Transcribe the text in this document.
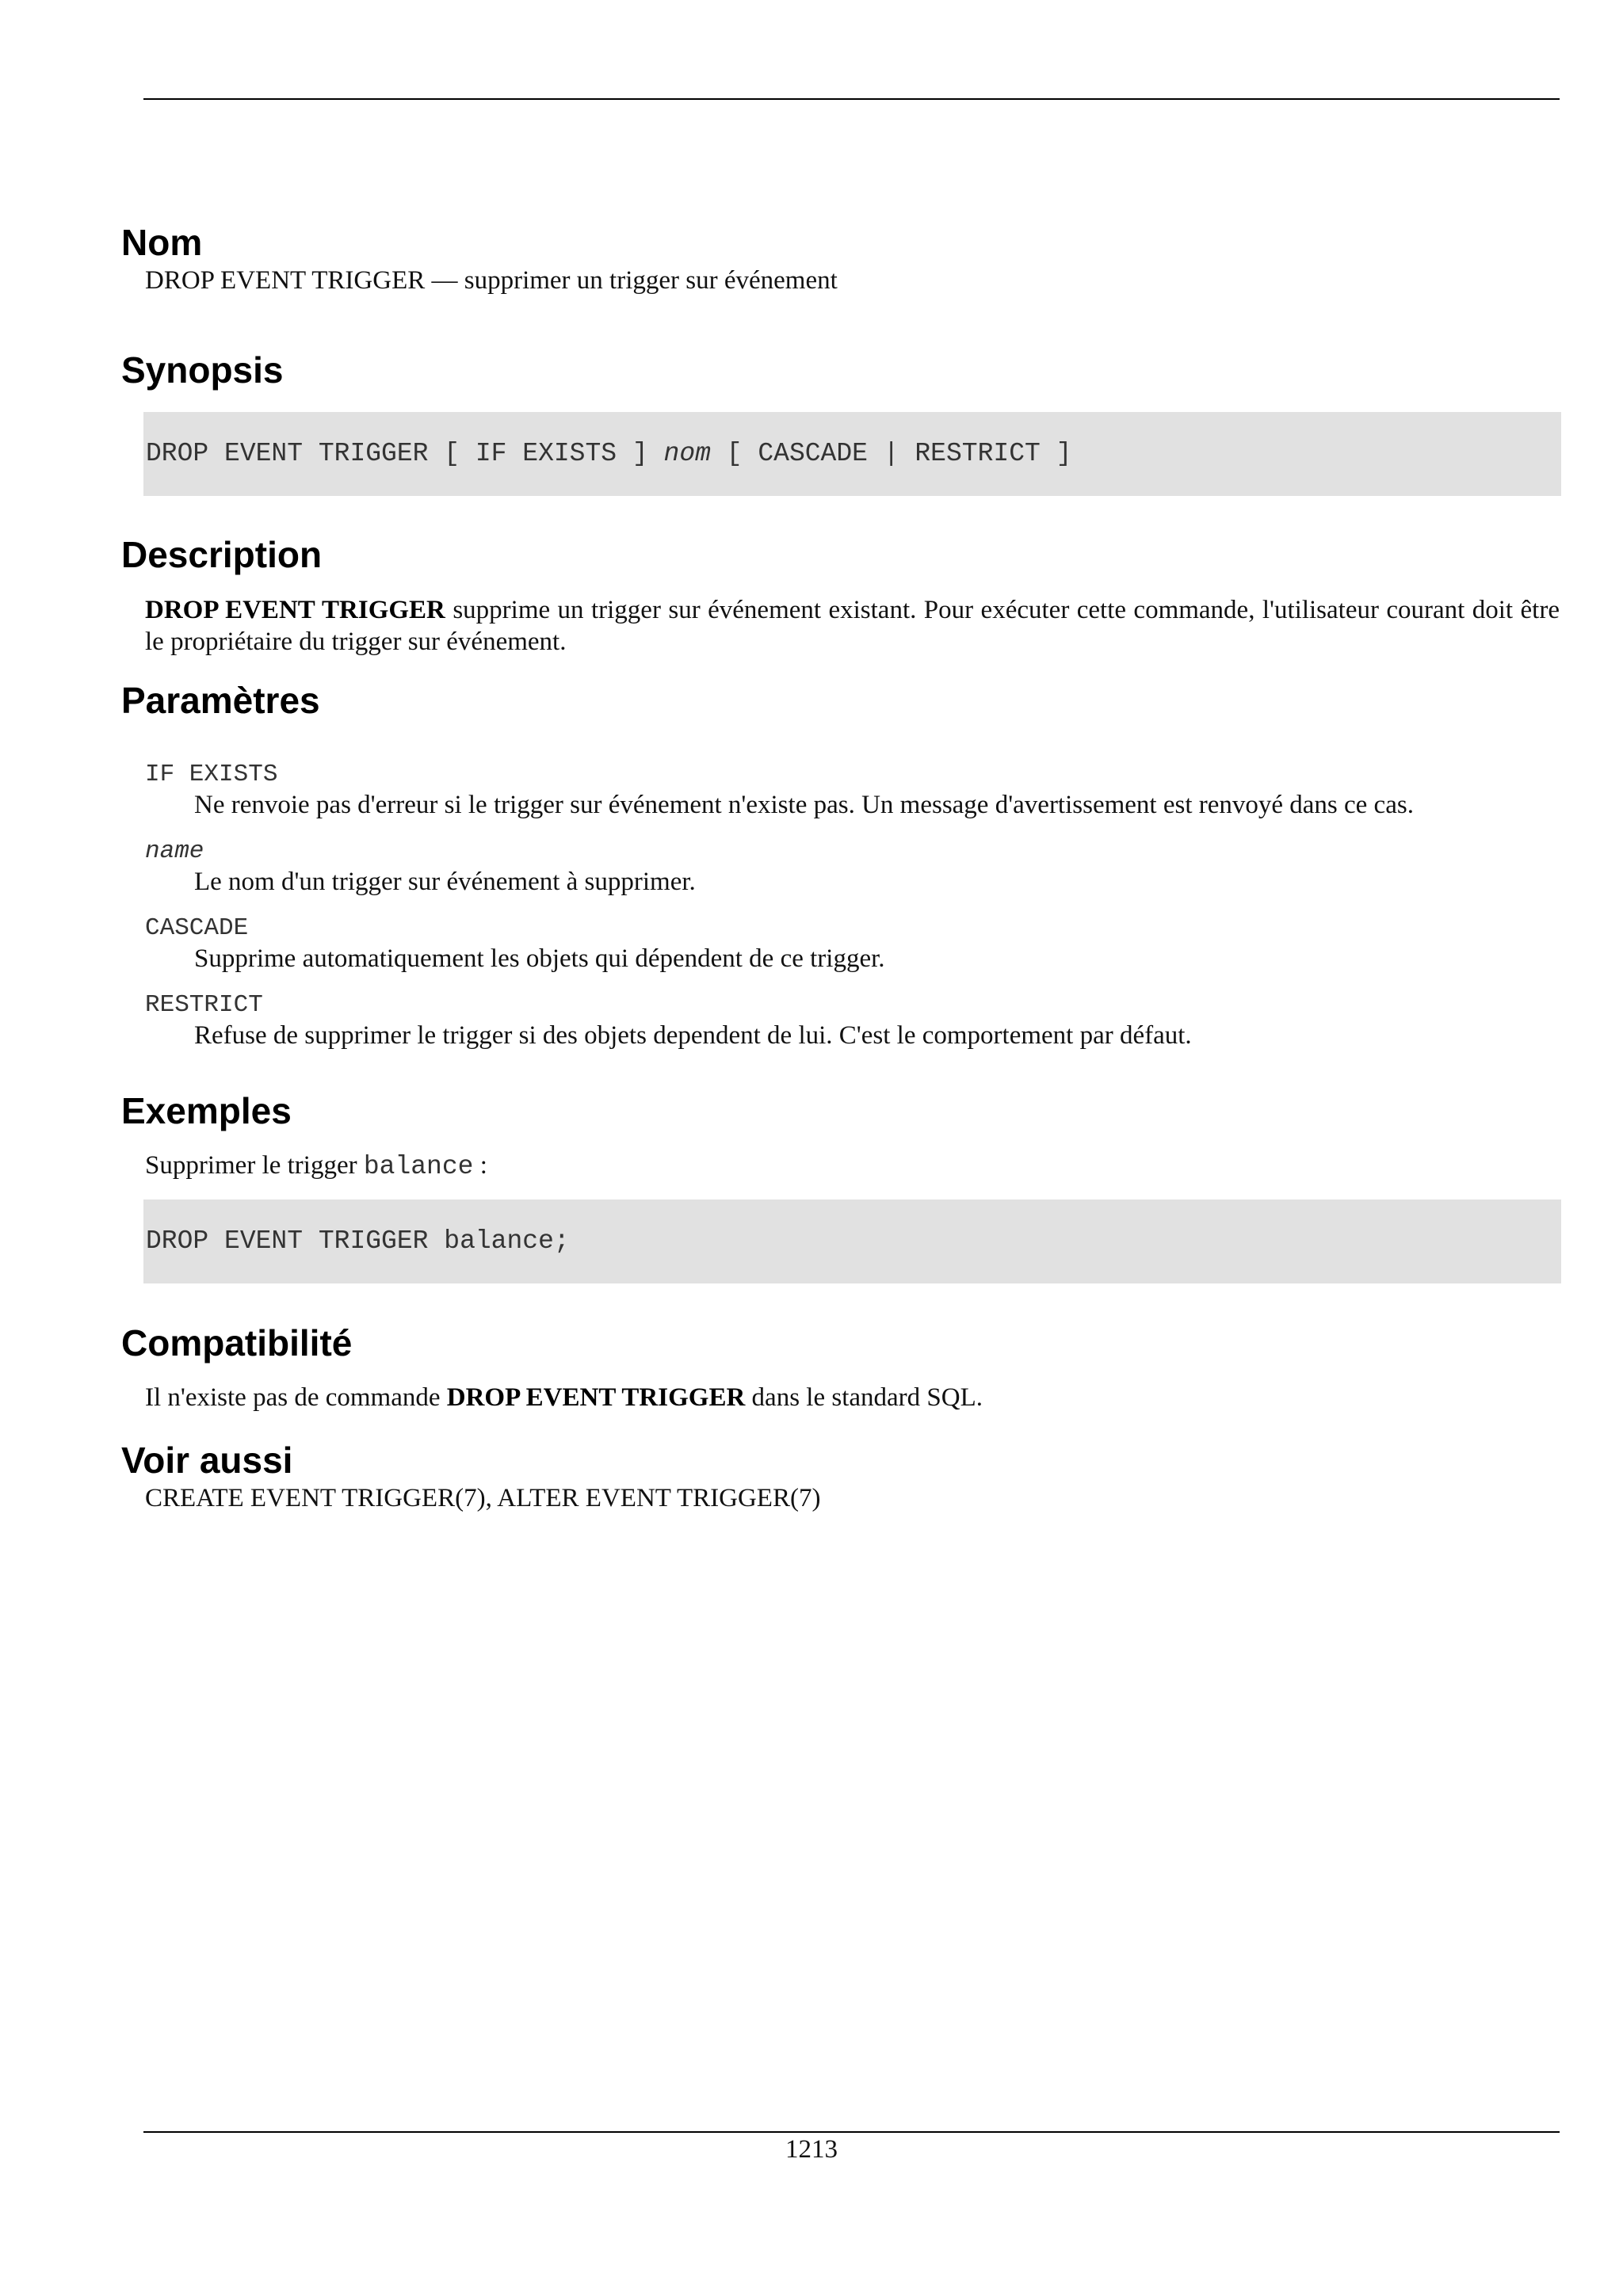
Nom

DROP EVENT TRIGGER — supprimer un trigger sur événement

Synopsis
DROP EVENT TRIGGER [ IF EXISTS ] nom [ CASCADE | RESTRICT ]
Description

DROP EVENT TRIGGER supprime un trigger sur événement existant. Pour exécuter cette commande, l'utilisateur courant doit être le propriétaire du trigger sur événement.

Paramètres
IF EXISTS

Ne renvoie pas d'erreur si le trigger sur événement n'existe pas. Un message d'avertissement est renvoyé dans ce cas.

name

Le nom d'un trigger sur événement à supprimer.

CASCADE

Supprime automatiquement les objets qui dépendent de ce trigger.

RESTRICT

Refuse de supprimer le trigger si des objets dependent de lui. C'est le comportement par défaut.

Exemples

Supprimer le trigger balance :

DROP EVENT TRIGGER balance;
Compatibilité

Il n'existe pas de commande DROP EVENT TRIGGER dans le standard SQL.

Voir aussi

CREATE EVENT TRIGGER(7), ALTER EVENT TRIGGER(7)

1213
